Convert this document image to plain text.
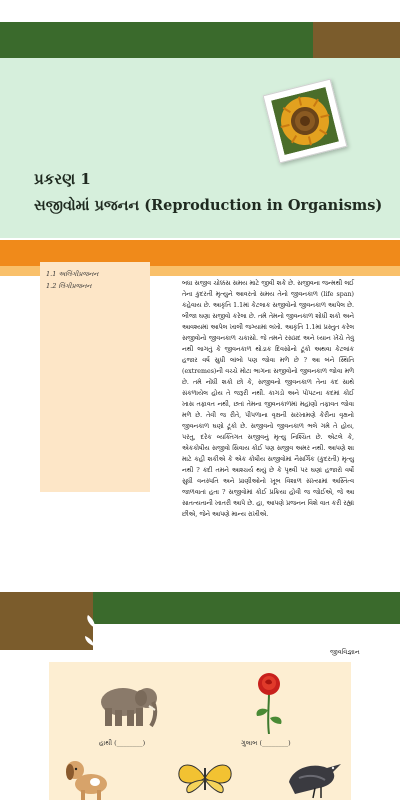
પ્રકરણ 1
સજીવોમાં પ્રજનન (Reproduction in Organisms)
1.1 અલિંગીપ્રજનન
1.2 લિંગીપ્રજનન	બધા સજીવ ચોક્કસ સમય માટે જીવી શકે છે. સજીવના જન્મથી લઈ તેના કુદરતી મૃત્યુને આવરતો સમય તેનો જીવનકાળ (life span) કહેવાય છે. આકૃતિ 1.1માં કેટલાક સજીવોનો જીવનકાળ આપેલ છે. બીજા ઘણા સજીવો કરેલા છે. તમે તેમનો જીવનકાળ શોધી શકો અને આવશ્યમાં આપેલ ખાલી જગ્યામાં લખો. આકૃતિ 1.1માં પ્રસ્તુત કરેલ સજીવોનો જીવનકાળ ચકાસો. જે તમને રસપ્રદ અને ધ્યાન ખેંચે તેવું નથી લાગતું કે જીવનકાળ થોડાક દિવસોનો ટૂંકો અથવા કેટલાંક હજાર વર્ષ સુધી લાંબો પણ જોવા મળે છે ? આ બંને સ્થિતિ (extremes)ની વચ્ચે મોટા ભાગના સજીવોનો જીવનકાળ જોવા મળે છે. તમે નોંધી શકો છો કે, સજીવનો જીવનકાળ તેના કદ સાથે સંકળાયેલ હોય તે જરૂરી નથી. કાગડો અને પોપટના કદમાં કોઈ ખાસ તફાવત નથી, છતાં તેમના જીવનકાળમાં મહાંણો તફાવત જોવા મળે છે. તેવી જ રીતે, પીપળાના વૃક્ષની સરખામણે કેરીના વૃક્ષનો જીવનકાળ ઘણો ટૂંકો છે. સજીવનો જીવનકાળ ભલે ગમે તે હોય, પરંતુ, દરેક વ્યક્તિગત સજીવનું મૃત્યુ નિશ્ચિત છે. એટલે કે, એકકોષીય સજીવો સિવાય કોઈ પણ સજીવ અમર નથી. આપણે શા માટે કહી શકીએ કે એક કોષીય સજીવોમાં નૈસર્ગિક (કુદરતી) મૃત્યુ નથી ? કદી તમને આશ્ચર્ય થયું છે કે પૃથ્વી પર ઘણાં હજારો વર્ષો સુધી વનસ્પતિ અને પ્રાણીઓનો ખૂબ વિશાળ સંખ્યામાં અસ્તિત્વ જાળવાતાં હતા ? સજીવોમાં કોઈ પ્રક્રિયા હોવી જ જોઈએ, જે આ સાતત્યતાની ખાતરી આપે છે. હા, આપણે પ્રજનન વિશે વાત કરી રહ્યાં છીએ, જેને આપણે માન્ય રાખીએ.
જીવવિજ્ઞાન
હાથી (________)	ગુલાબ (________)
